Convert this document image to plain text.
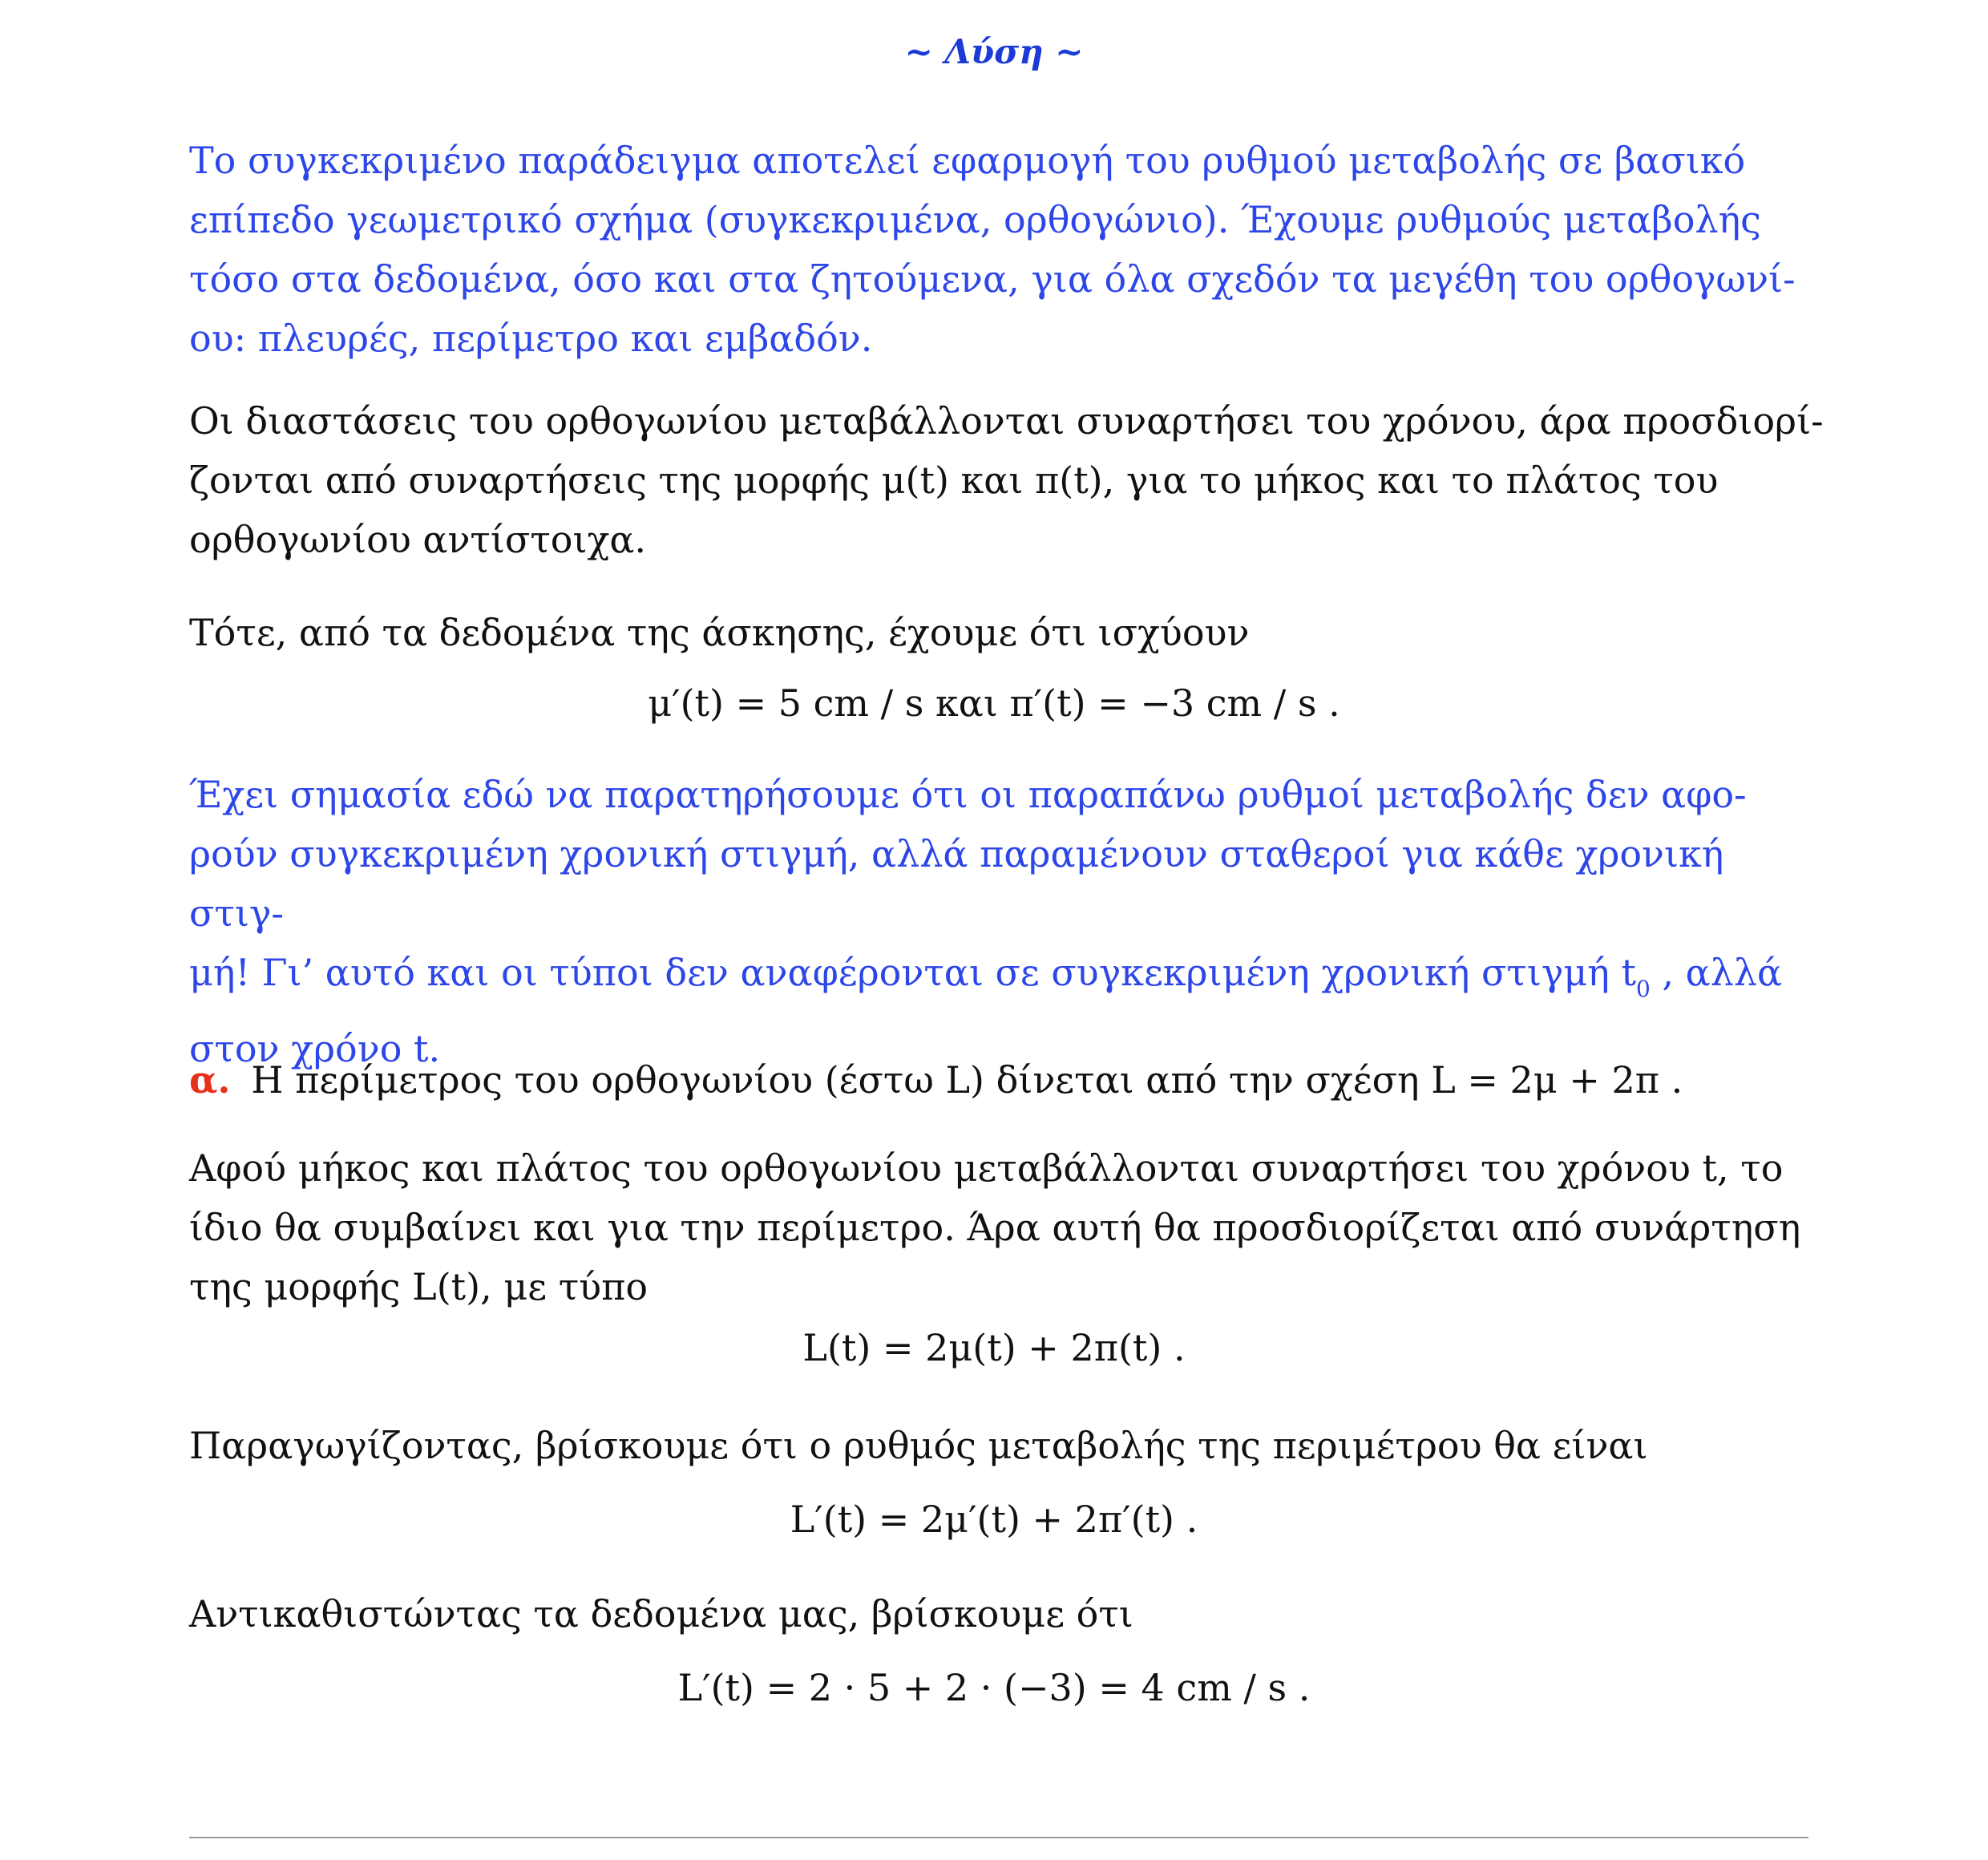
~ Λύση ~
Το συγκεκριμένο παράδειγμα αποτελεί εφαρμογή του ρυθμού μεταβολής σε βασικό
επίπεδο γεωμετρικό σχήμα (συγκεκριμένα, ορθογώνιο). Έχουμε ρυθμούς μεταβολής
τόσο στα δεδομένα, όσο και στα ζητούμενα, για όλα σχεδόν τα μεγέθη του ορθογωνί-
ου: πλευρές, περίμετρο και εμβαδόν.
Οι διαστάσεις του ορθογωνίου μεταβάλλονται συναρτήσει του χρόνου, άρα προσδιορί-
ζονται από συναρτήσεις της μορφής μ(t) και π(t), για το μήκος και το πλάτος του
ορθογωνίου αντίστοιχα.
Τότε, από τα δεδομένα της άσκησης, έχουμε ότι ισχύουν
μ′(t) = 5 cm / s και π′(t) = −3 cm / s .
Έχει σημασία εδώ να παρατηρήσουμε ότι οι παραπάνω ρυθμοί μεταβολής δεν αφο-
ρούν συγκεκριμένη χρονική στιγμή, αλλά παραμένουν σταθεροί για κάθε χρονική στιγ-
μή! Γι’ αυτό και οι τύποι δεν αναφέρονται σε συγκεκριμένη χρονική στιγμή $t_0$ , αλλά
στον χρόνο t.
α. Η περίμετρος του ορθογωνίου (έστω L) δίνεται από την σχέση L = 2μ + 2π .
Αφού μήκος και πλάτος του ορθογωνίου μεταβάλλονται συναρτήσει του χρόνου t, το
ίδιο θα συμβαίνει και για την περίμετρο. Άρα αυτή θα προσδιορίζεται από συνάρτηση
της μορφής L(t), με τύπο
L(t) = 2μ(t) + 2π(t) .
Παραγωγίζοντας, βρίσκουμε ότι ο ρυθμός μεταβολής της περιμέτρου θα είναι
L′(t) = 2μ′(t) + 2π′(t) .
Αντικαθιστώντας τα δεδομένα μας, βρίσκουμε ότι
L′(t) = 2 · 5 + 2 · (−3) = 4 cm / s .
